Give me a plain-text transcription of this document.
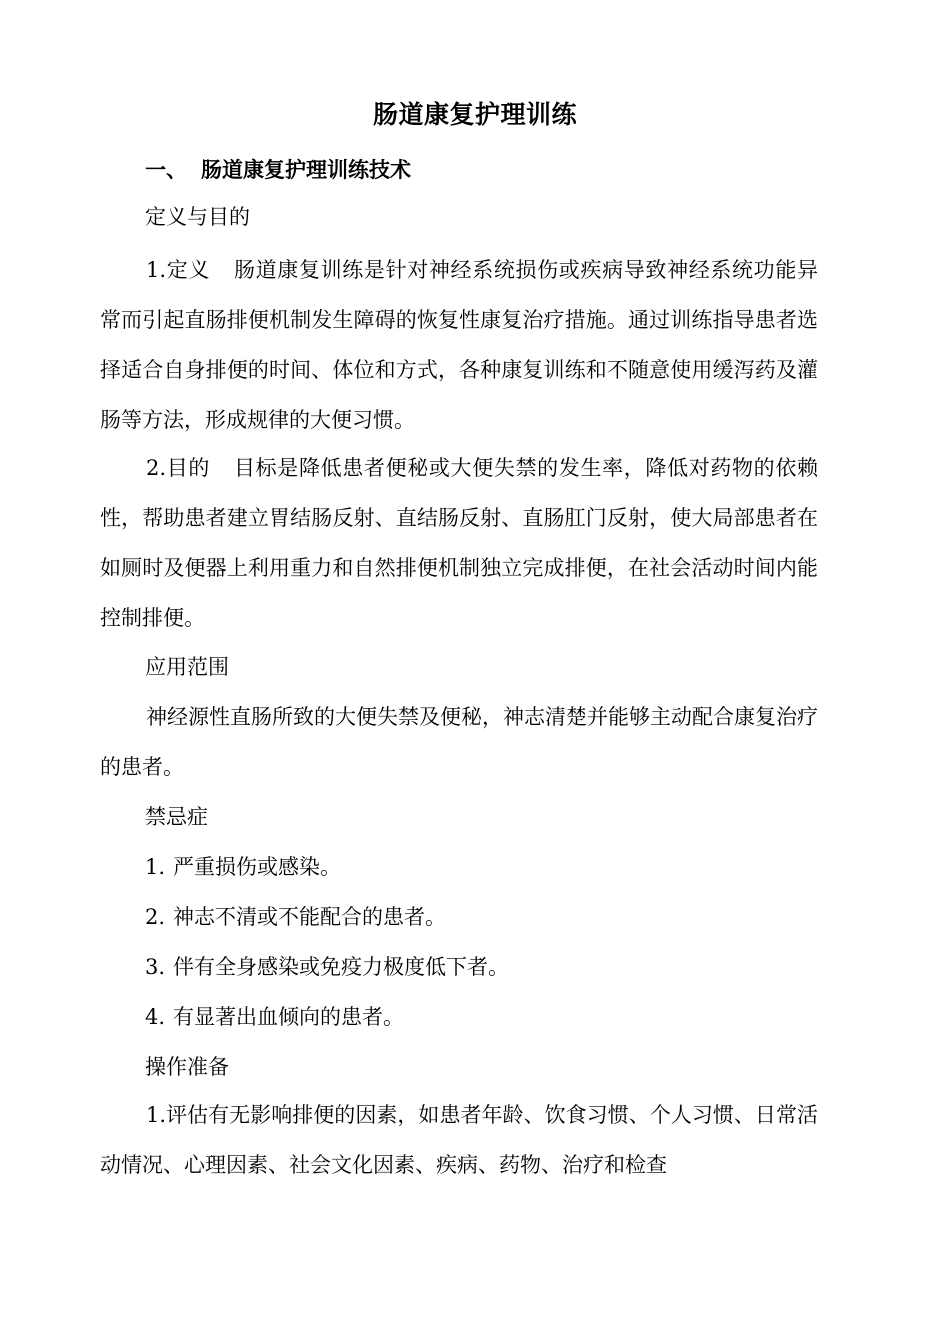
肠道康复护理训练
一、 肠道康复护理训练技术
定义与目的
1.定义 肠道康复训练是针对神经系统损伤或疾病导致神经系统功能异常而引起直肠排便机制发生障碍的恢复性康复治疗措施。通过训练指导患者选择适合自身排便的时间、体位和方式，各种康复训练和不随意使用缓泻药及灌肠等方法，形成规律的大便习惯。
2.目的 目标是降低患者便秘或大便失禁的发生率，降低对药物的依赖性，帮助患者建立胃结肠反射、直结肠反射、直肠肛门反射，使大局部患者在如厕时及便器上利用重力和自然排便机制独立完成排便，在社会活动时间内能控制排便。
应用范围
神经源性直肠所致的大便失禁及便秘，神志清楚并能够主动配合康复治疗的患者。
禁忌症
1. 严重损伤或感染。
2. 神志不清或不能配合的患者。
3. 伴有全身感染或免疫力极度低下者。
4. 有显著出血倾向的患者。
操作准备
1.评估有无影响排便的因素，如患者年龄、饮食习惯、个人习惯、日常活动情况、心理因素、社会文化因素、疾病、药物、治疗和检查
